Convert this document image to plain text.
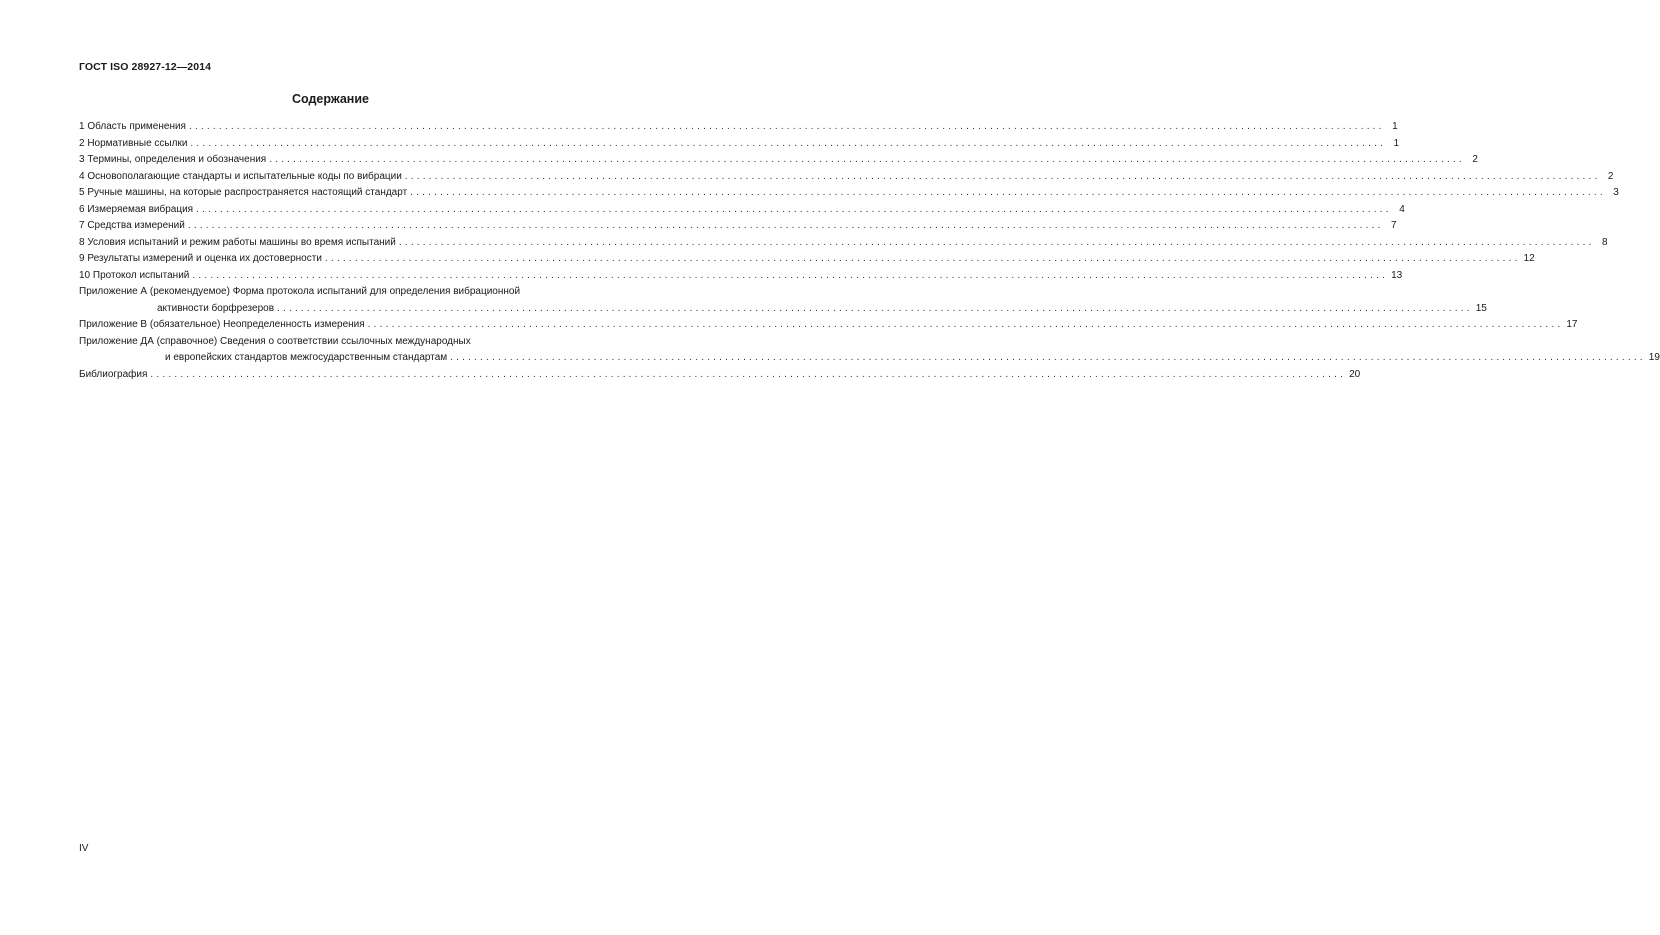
ГОСТ ISO 28927-12—2014
Содержание
1 Область применения ........................................................................................................................................................................................................ 1
2 Нормативные ссылки ........................................................................................................................................................................................................ 1
3 Термины, определения и обозначения ........................................................................................................................................................................................................ 2
4 Основополагающие стандарты и испытательные коды по вибрации ........................................................................................................................................................................................................ 2
5 Ручные машины, на которые распространяется настоящий стандарт ........................................................................................................................................................................................................ 3
6 Измеряемая вибрация ........................................................................................................................................................................................................ 4
7 Средства измерений ........................................................................................................................................................................................................ 7
8 Условия испытаний и режим работы машины во время испытаний ........................................................................................................................................................................................................ 8
9 Результаты измерений и оценка их достоверности ........................................................................................................................................................................................................ 12
10 Протокол испытаний ........................................................................................................................................................................................................ 13
Приложение А (рекомендуемое) Форма протокола испытаний для определения вибрационной
активности борфрезеров ........................................................................................................................................................................................................ 15
Приложение В (обязательное) Неопределенность измерения ........................................................................................................................................................................................................ 17
Приложение ДА (справочное) Сведения о соответствии ссылочных международных
и европейских стандартов межгосударственным стандартам ........................................................................................................................................................................................................ 19
Библиография ........................................................................................................................................................................................................ 20
IV
